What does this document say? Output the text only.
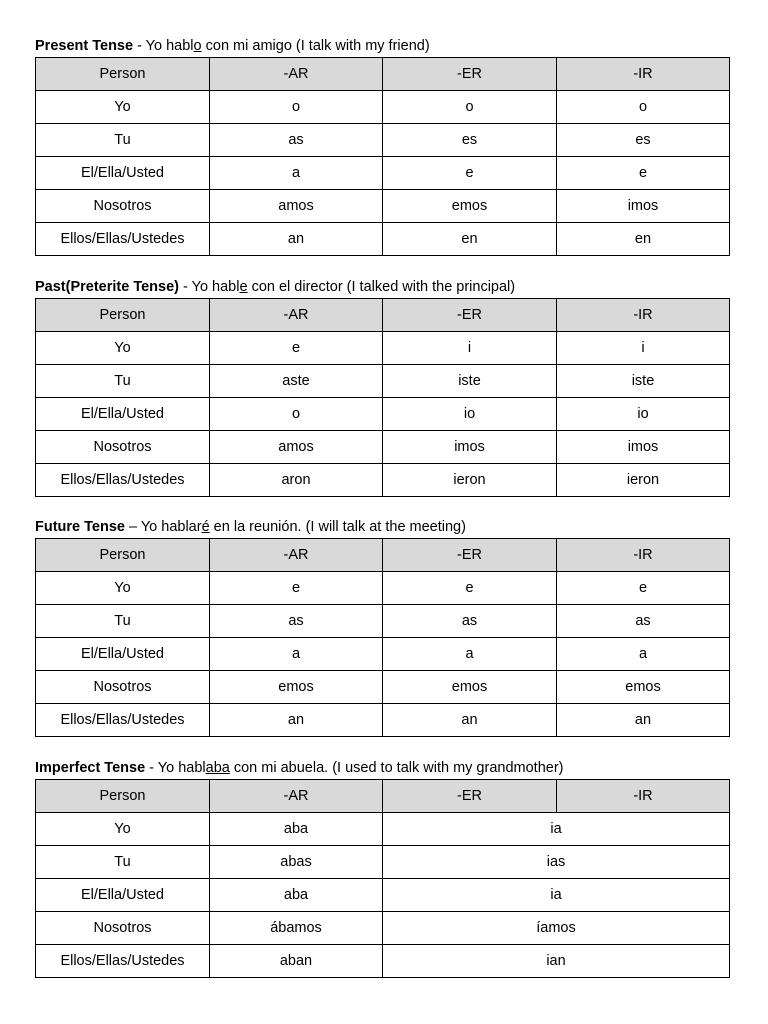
Present Tense - Yo hablo con mi amigo (I talk with my friend)
Person	-AR	-ER	-IR
Yo	o	o	o
Tu	as	es	es
El/Ella/Usted	a	e	e
Nosotros	amos	emos	imos
Ellos/Ellas/Ustedes	an	en	en
Past(Preterite Tense) - Yo hable con el director (I talked with the principal)
Person	-AR	-ER	-IR
Yo	e	i	i
Tu	aste	iste	iste
El/Ella/Usted	o	io	io
Nosotros	amos	imos	imos
Ellos/Ellas/Ustedes	aron	ieron	ieron
Future Tense – Yo hablaré en la reunión. (I will talk at the meeting)
Person	-AR	-ER	-IR
Yo	e	e	e
Tu	as	as	as
El/Ella/Usted	a	a	a
Nosotros	emos	emos	emos
Ellos/Ellas/Ustedes	an	an	an
Imperfect Tense - Yo hablaba con mi abuela. (I used to talk with my grandmother)
Person	-AR	-ER	-IR
Yo	aba	ia	
Tu	abas	ias	
El/Ella/Usted	aba	ia	
Nosotros	ábamos	íamos	
Ellos/Ellas/Ustedes	aban	ian	
